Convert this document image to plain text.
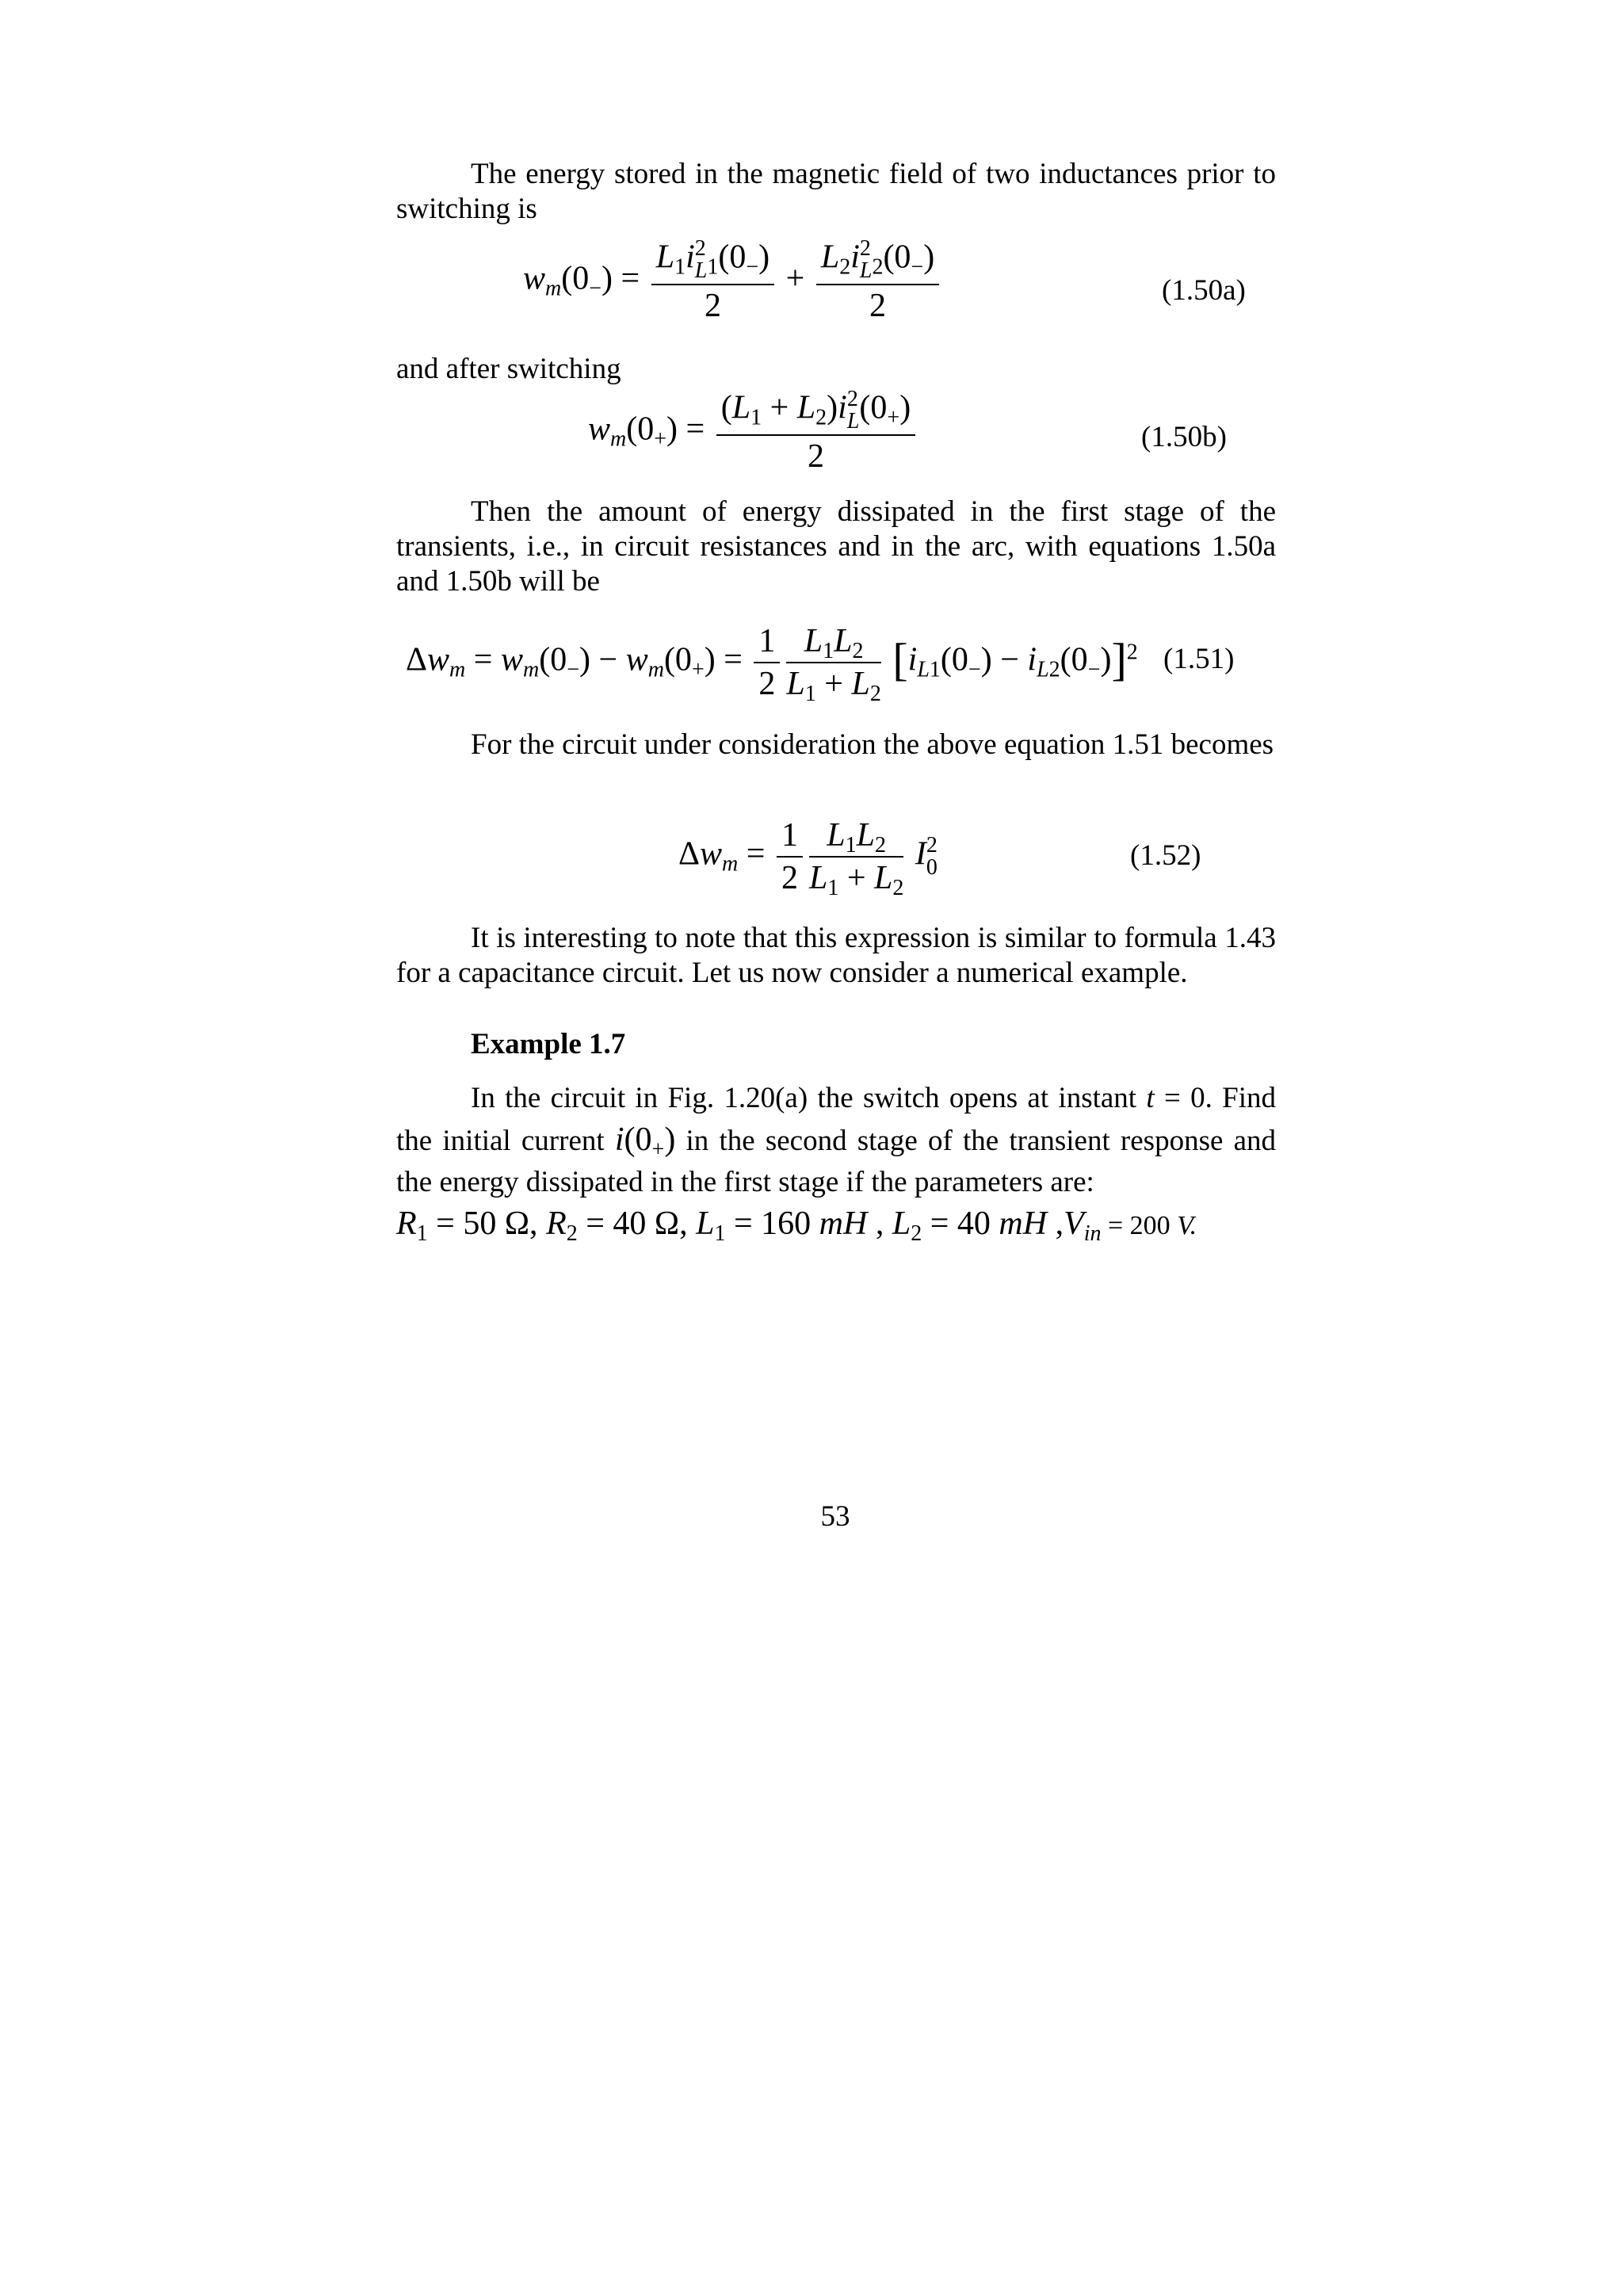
The energy stored in the magnetic field of two inductances prior to switching is
$w_m(0_-) = L_1i$ 2
L $_1(0_-)$
$2 + L_2i$ 2
L $_2(0_-)$
2	(1.50a)
and after switching
$w_m(0_+) = (L_1 + L_2)i$ 2
L $(0_+)$
2	(1.50b)
Then the amount of energy dissipated in the first stage of the transients, i.e., in circuit resistances and in the arc, with equations 1.50a and 1.50b will be
$\Delta w_m = w_m(0_-) - w_m(0_+) = \frac{1}{2} \frac{L_1L_2}{L_1 + L_2} [i_{L1}(0_-) - i_{L2}(0_-)]^2$ (1.51)
For the circuit under consideration the above equation 1.51 becomes
$\Delta w_m = \frac{1}{2} \frac{L_1L_2}{L_1 + L_2}$ I 2
0	(1.52)
It is interesting to note that this expression is similar to formula 1.43 for a capacitance circuit. Let us now consider a numerical example.
Example 1.7
In the circuit in Fig. 1.20(a) the switch opens at instant t = 0. Find the initial current $i(0_+)$ in the second stage of the transient response and the energy dissipated in the first stage if the parameters are:
$R_1 = 50$ Ω, $R_2 = 40$ Ω, $L_1 = 160$ mH , $L_2 = 40$ mH $,V_{in} = 200$ V.
53
